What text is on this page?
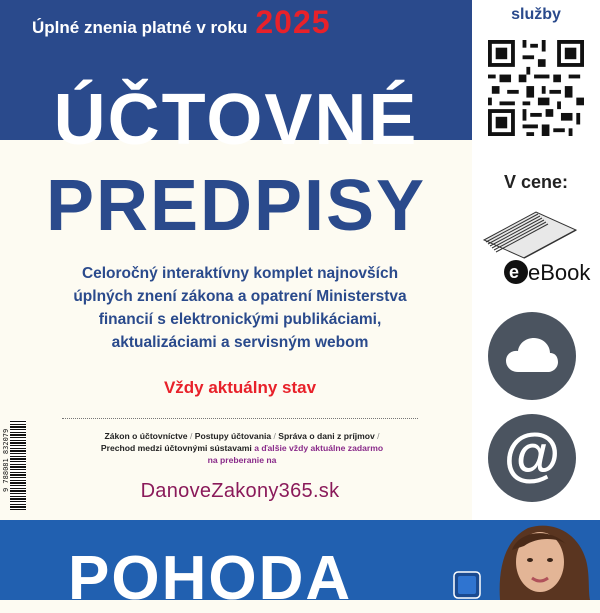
Úplné znenia platné v roku 2025
ÚČTOVNÉ
PREDPISY
9 788081 832079
Celoročný interaktívny komplet najnovších
úplných znení zákona a opatrení Ministerstva
financií s elektronickými publikáciami,
aktualizáciami a servisným webom
Vždy aktuálny stav
Zákon o účtovníctve / Postupy účtovania / Správa o dani z príjmov /
Prechod medzi účtovnými sústavami a ďalšie vždy aktuálne zadarmo
na preberanie na
DanoveZakony365.sk
služby
V cene:
e eBook
@
POHODA
